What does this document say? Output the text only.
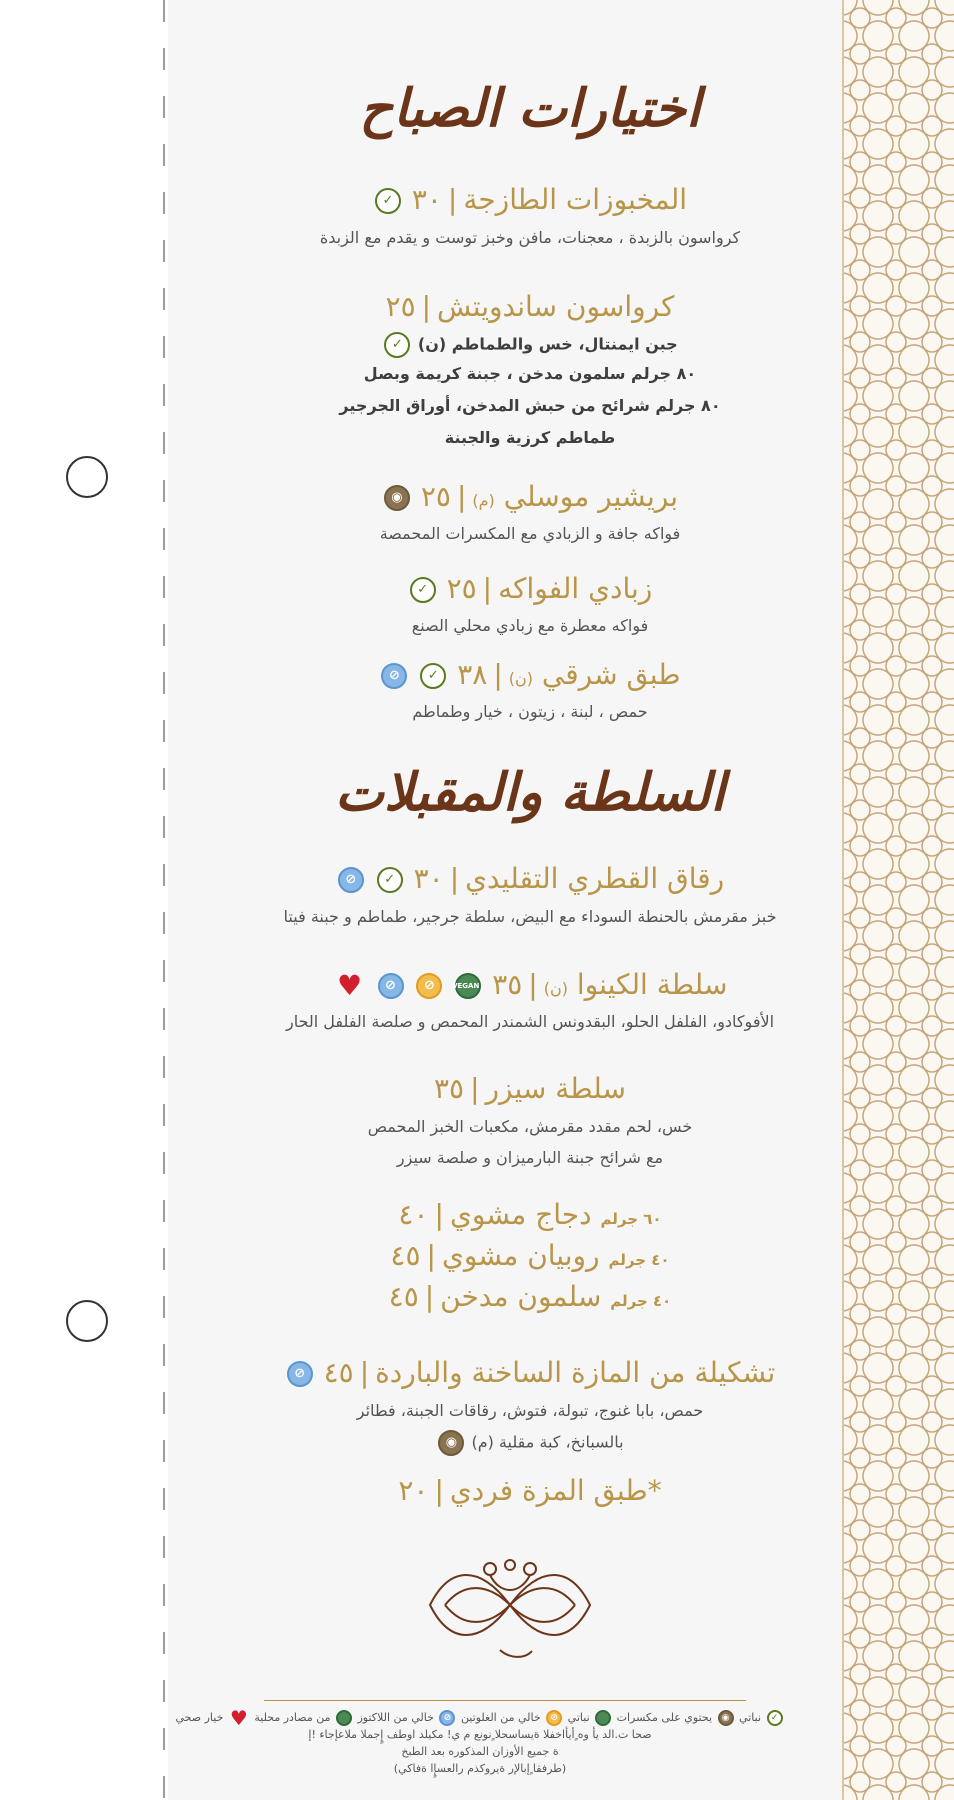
اختيارات الصباح
المخبوزات الطازجة|٣٠ ✓
كرواسون بالزبدة ، معجنات، مافن وخبز توست و يقدم مع الزبدة
كرواسون ساندويتش|٢٥
جبن ايمنتال، خس والطماطم (ن) ✓
٨٠ جرلم سلمون مدخن ، جبنة كريمة وبصل
٨٠ جرلم شرائح من حبش المدخن، أوراق الجرجير
طماطم كرزية والجبنة
بريشير موسلي (م)|٢٥ ◉
فواكه جافة و الزبادي مع المكسرات المحمصة
زبادي الفواكه|٢٥ ✓
فواكه معطرة مع زبادي محلي الصنع
طبق شرقي (ن)|٣٨ ✓ ⊘
حمص ، لبنة ، زيتون ، خيار وطماطم
السلطة والمقبلات
رقاق القطري التقليدي|٣٠ ✓ ⊘
خبز مقرمش بالحنطة السوداء مع البيض، سلطة جرجير، طماطم و جبنة فيتا
سلطة الكينوا (ن)|٣٥ VEGAN ⊘ ⊘ ♥
الأفوكادو، الفلفل الحلو، البقدونس الشمندر المحمص و صلصة الفلفل الحار
سلطة سيزر|٣٥
خس، لحم مقدد مقرمش، مكعبات الخبز المحمص
مع شرائح جبنة البارميزان و صلصة سيزر
٦٠ جرلم دجاج مشوي|٤٠
٤٠ جرلم روبيان مشوي|٤٥
٤٠ جرلم سلمون مدخن|٤٥
تشكيلة من المازة الساخنة والباردة|٤٥ ⊘
حمص، بابا غنوج، تبولة، فتوش، رقاقات الجبنة، فطائر
بالسبانخ، كبة مقلية (م) ◉
*طبق المزة فردي|٢٠
✓ نباتي ◉ يحتوي على مكسرات  نباتي ⊘ خالي من الغلوتين ⊘ خالي من اللاكتوز  من مصادر محلية ♥ خيار صحي
صحا ت.الد يأ وه ٍأيأاخفلا ةيساسحلا ٍنونع م ي! مكيلد اوطف إٍجملا ملاعإجاء !إ
ة جميع الأوزان المذكوره بعد الطبخ
(طرفقا ٍإبالإر ةيروكذم رالعسإٍا ةفاكي)
